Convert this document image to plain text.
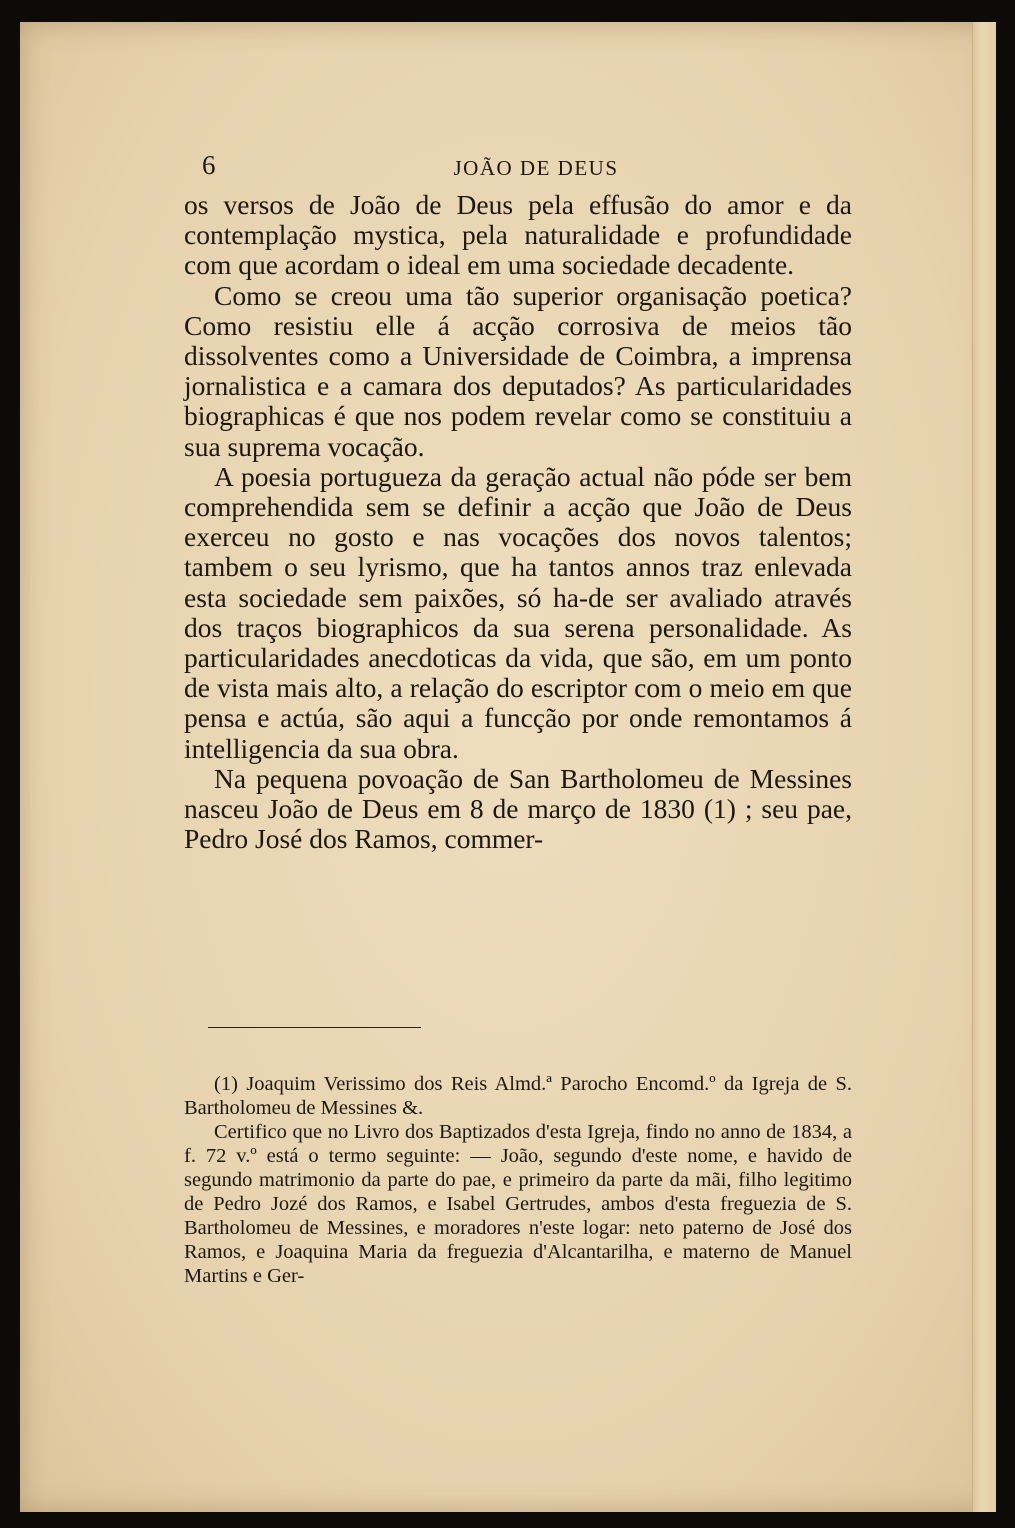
6	JOÃO DE DEUS

os versos de João de Deus pela effusão do amor e da contemplação mystica, pela naturalidade e profundidade com que acordam o ideal em uma sociedade decadente.

Como se creou uma tão superior organisação poetica? Como resistiu elle á acção corrosiva de meios tão dissolventes como a Universidade de Coimbra, a imprensa jornalistica e a camara dos deputados? As particularidades biographicas é que nos podem revelar como se constituiu a sua suprema vocação.

A poesia portugueza da geração actual não póde ser bem comprehendida sem se definir a acção que João de Deus exerceu no gosto e nas vocações dos novos talentos; tambem o seu lyrismo, que ha tantos annos traz enlevada esta sociedade sem paixões, só ha-de ser avaliado através dos traços biographicos da sua serena personalidade. As particularidades anecdoticas da vida, que são, em um ponto de vista mais alto, a relação do escriptor com o meio em que pensa e actúa, são aqui a funcção por onde remontamos á intelligencia da sua obra.

Na pequena povoação de San Bartholomeu de Messines nasceu João de Deus em 8 de março de 1830 (1) ; seu pae, Pedro José dos Ramos, commer-

(1) Joaquim Verissimo dos Reis Almd.ª Parocho Encomd.º da Igreja de S. Bartholomeu de Messines &.

Certifico que no Livro dos Baptizados d'esta Igreja, findo no anno de 1834, a f. 72 v.º está o termo seguinte: — João, segundo d'este nome, e havido de segundo matrimonio da parte do pae, e primeiro da parte da mãi, filho legitimo de Pedro Jozé dos Ramos, e Isabel Gertrudes, ambos d'esta freguezia de S. Bartholomeu de Messines, e moradores n'este logar: neto paterno de José dos Ramos, e Joaquina Maria da freguezia d'Alcantarilha, e materno de Manuel Martins e Ger-
